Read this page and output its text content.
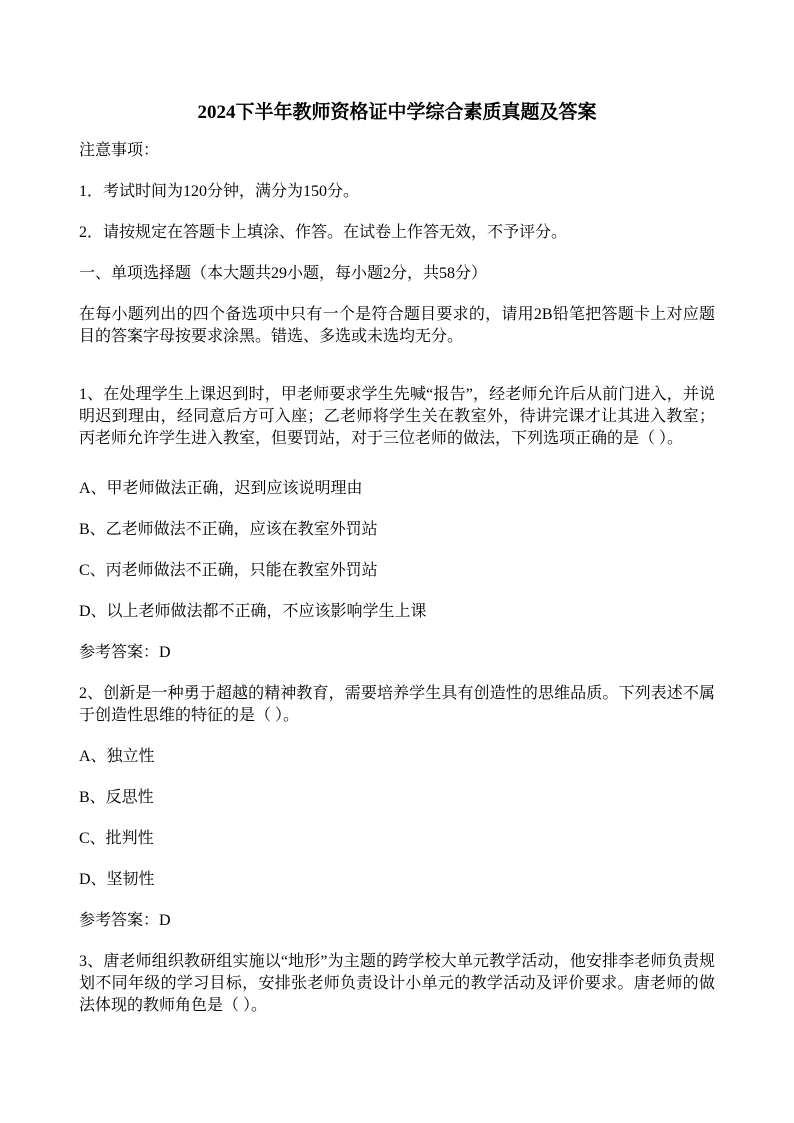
2024下半年教师资格证中学综合素质真题及答案

注意事项：

1．考试时间为120分钟，满分为150分。

2．请按规定在答题卡上填涂、作答。在试卷上作答无效，不予评分。

一、单项选择题（本大题共29小题，每小题2分，共58分）

在每小题列出的四个备选项中只有一个是符合题目要求的，请用2B铅笔把答题卡上对应题目的答案字母按要求涂黑。错选、多选或未选均无分。

1、在处理学生上课迟到时，甲老师要求学生先喊“报告”，经老师允许后从前门进入，并说明迟到理由，经同意后方可入座；乙老师将学生关在教室外，待讲完课才让其进入教室；丙老师允许学生进入教室，但要罚站，对于三位老师的做法，下列选项正确的是（ ）。

A、甲老师做法正确，迟到应该说明理由

B、乙老师做法不正确，应该在教室外罚站

C、丙老师做法不正确，只能在教室外罚站

D、以上老师做法都不正确，不应该影响学生上课

参考答案：D

2、创新是一种勇于超越的精神教育，需要培养学生具有创造性的思维品质。下列表述不属于创造性思维的特征的是（ ）。

A、独立性

B、反思性

C、批判性

D、坚韧性

参考答案：D

3、唐老师组织教研组实施以“地形”为主题的跨学校大单元教学活动，他安排李老师负责规划不同年级的学习目标，安排张老师负责设计小单元的教学活动及评价要求。唐老师的做法体现的教师角色是（ ）。
